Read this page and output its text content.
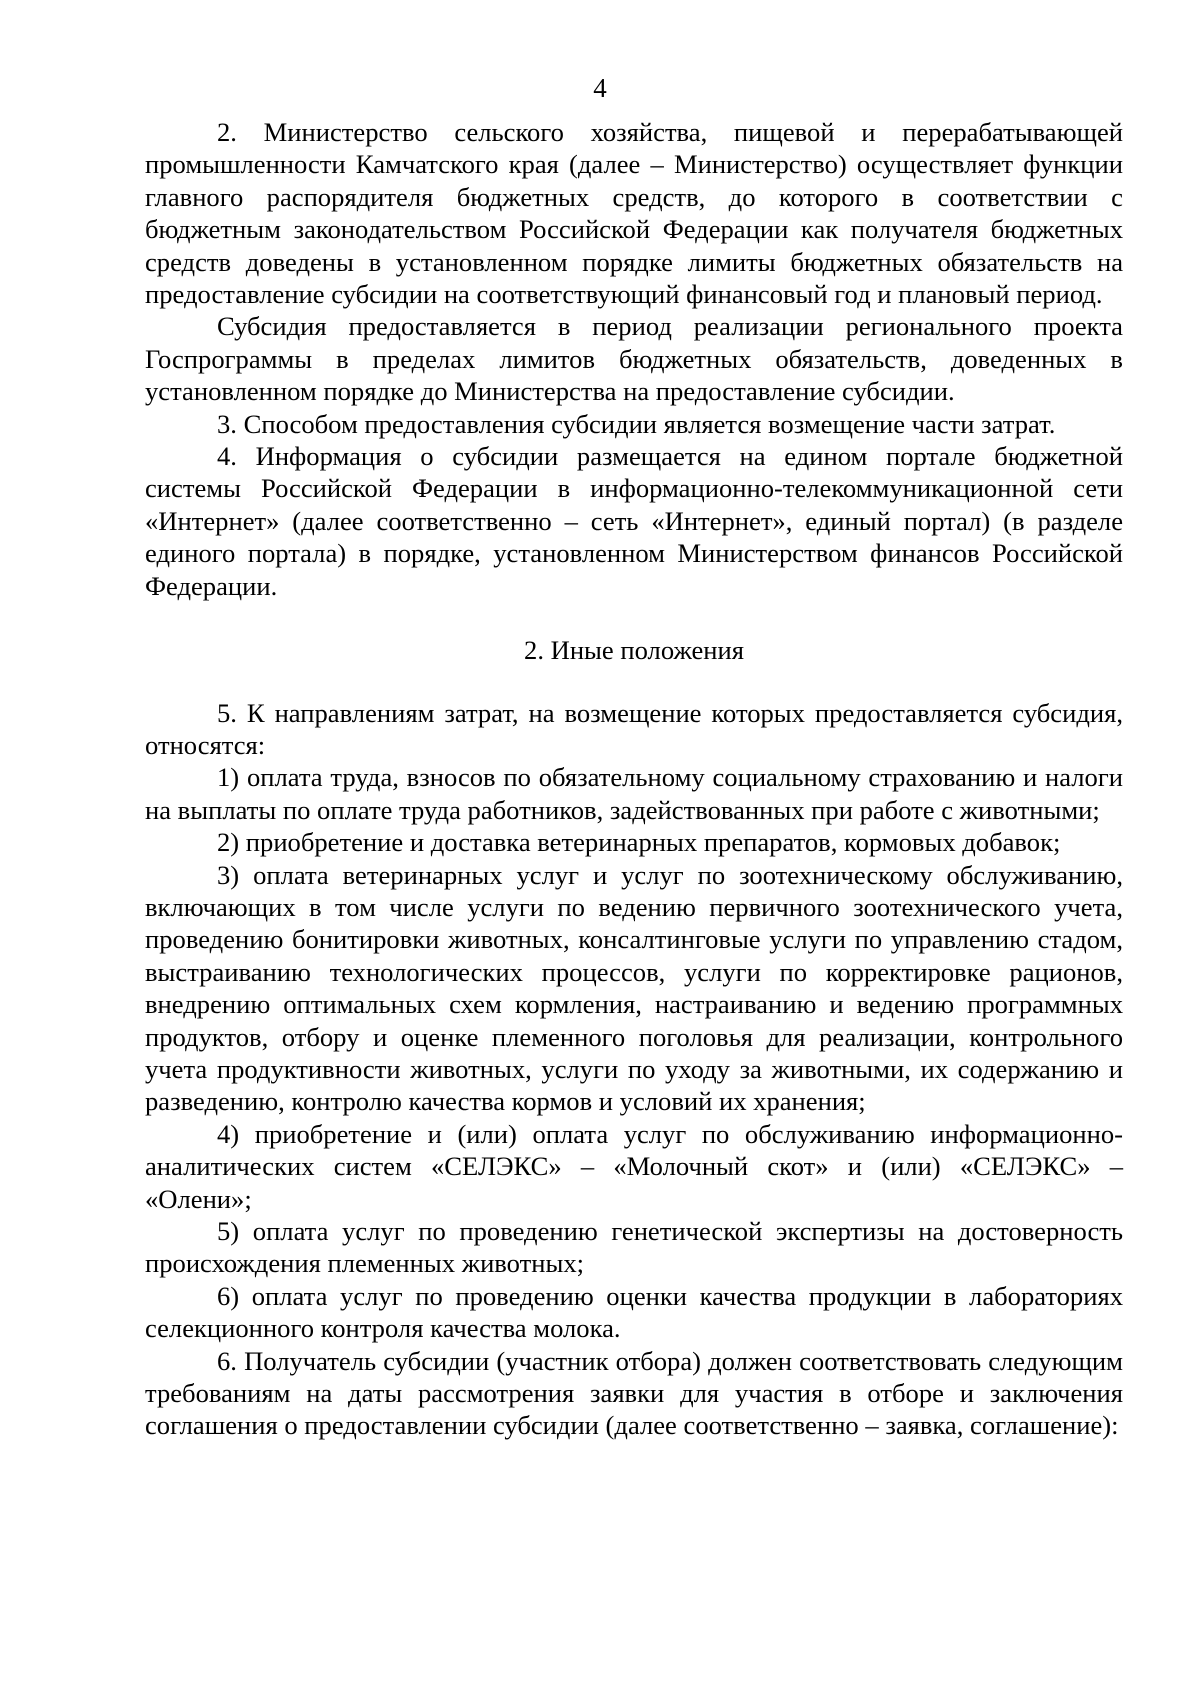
4

2. Министерство сельского хозяйства, пищевой и перерабатывающей промышленности Камчатского края (далее – Министерство) осуществляет функции главного распорядителя бюджетных средств, до которого в соответствии с бюджетным законодательством Российской Федерации как получателя бюджетных средств доведены в установленном порядке лимиты бюджетных обязательств на предоставление субсидии на соответствующий финансовый год и плановый период.

Субсидия предоставляется в период реализации регионального проекта Госпрограммы в пределах лимитов бюджетных обязательств, доведенных в установленном порядке до Министерства на предоставление субсидии.

3. Способом предоставления субсидии является возмещение части затрат.

4. Информация о субсидии размещается на едином портале бюджетной системы Российской Федерации в информационно-телекоммуникационной сети «Интернет» (далее соответственно – сеть «Интернет», единый портал) (в разделе единого портала) в порядке, установленном Министерством финансов Российской Федерации.

2. Иные положения

5. К направлениям затрат, на возмещение которых предоставляется субсидия, относятся:

1) оплата труда, взносов по обязательному социальному страхованию и налоги на выплаты по оплате труда работников, задействованных при работе с животными;

2) приобретение и доставка ветеринарных препаратов, кормовых добавок;

3) оплата ветеринарных услуг и услуг по зоотехническому обслуживанию, включающих в том числе услуги по ведению первичного зоотехнического учета, проведению бонитировки животных, консалтинговые услуги по управлению стадом, выстраиванию технологических процессов, услуги по корректировке рационов, внедрению оптимальных схем кормления, настраиванию и ведению программных продуктов, отбору и оценке племенного поголовья для реализации, контрольного учета продуктивности животных, услуги по уходу за животными, их содержанию и разведению, контролю качества кормов и условий их хранения;

4) приобретение и (или) оплата услуг по обслуживанию информационно-аналитических систем «СЕЛЭКС» – «Молочный скот» и (или) «СЕЛЭКС» – «Олени»;

5) оплата услуг по проведению генетической экспертизы на достоверность происхождения племенных животных;

6) оплата услуг по проведению оценки качества продукции в лабораториях селекционного контроля качества молока.

6. Получатель субсидии (участник отбора) должен соответствовать следующим требованиям на даты рассмотрения заявки для участия в отборе и заключения соглашения о предоставлении субсидии (далее соответственно – заявка, соглашение):
